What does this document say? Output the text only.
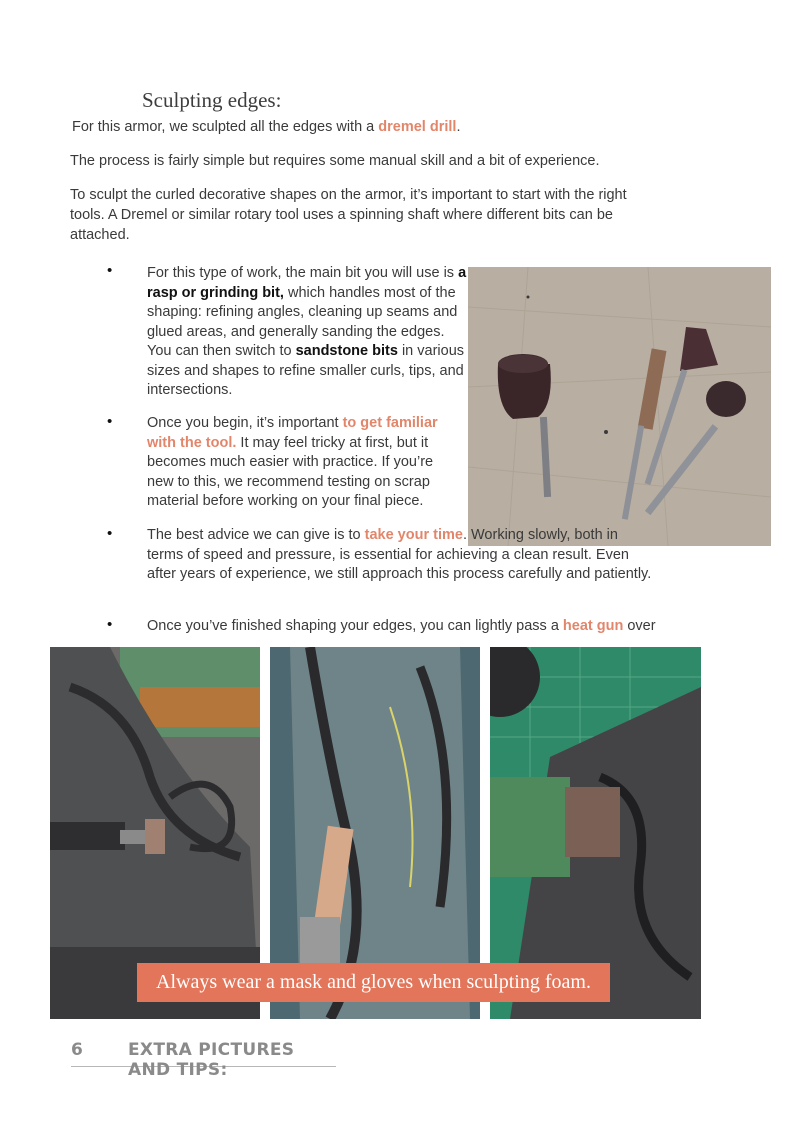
Sculpting edges:

For this armor, we sculpted all the edges with a dremel drill.

The process is fairly simple but requires some manual skill and a bit of experience.

To sculpt the curled decorative shapes on the armor, it’s important to start with the right tools. A Dremel or similar rotary tool uses a spinning shaft where different bits can be attached.

• For this type of work, the main bit you will use is a rasp or grinding bit, which handles most of the shaping: refining angles, cleaning up seams and glued areas, and generally sanding the edges. You can then switch to sandstone bits in various sizes and shapes to refine smaller curls, tips, and intersections.
• Once you begin, it’s important to get familiar with the tool. It may feel tricky at first, but it becomes much easier with practice. If you’re new to this, we recommend testing on scrap material before working on your final piece.
• The best advice we can give is to take your time. Working slowly, both in terms of speed and pressure, is essential for achieving a clean result. Even after years of experience, we still approach this process carefully and patiently.
• Once you’ve finished shaping your edges, you can lightly pass a heat gun over
Always wear a mask and gloves when sculpting foam.
6	EXTRA PICTURES AND TIPS:
